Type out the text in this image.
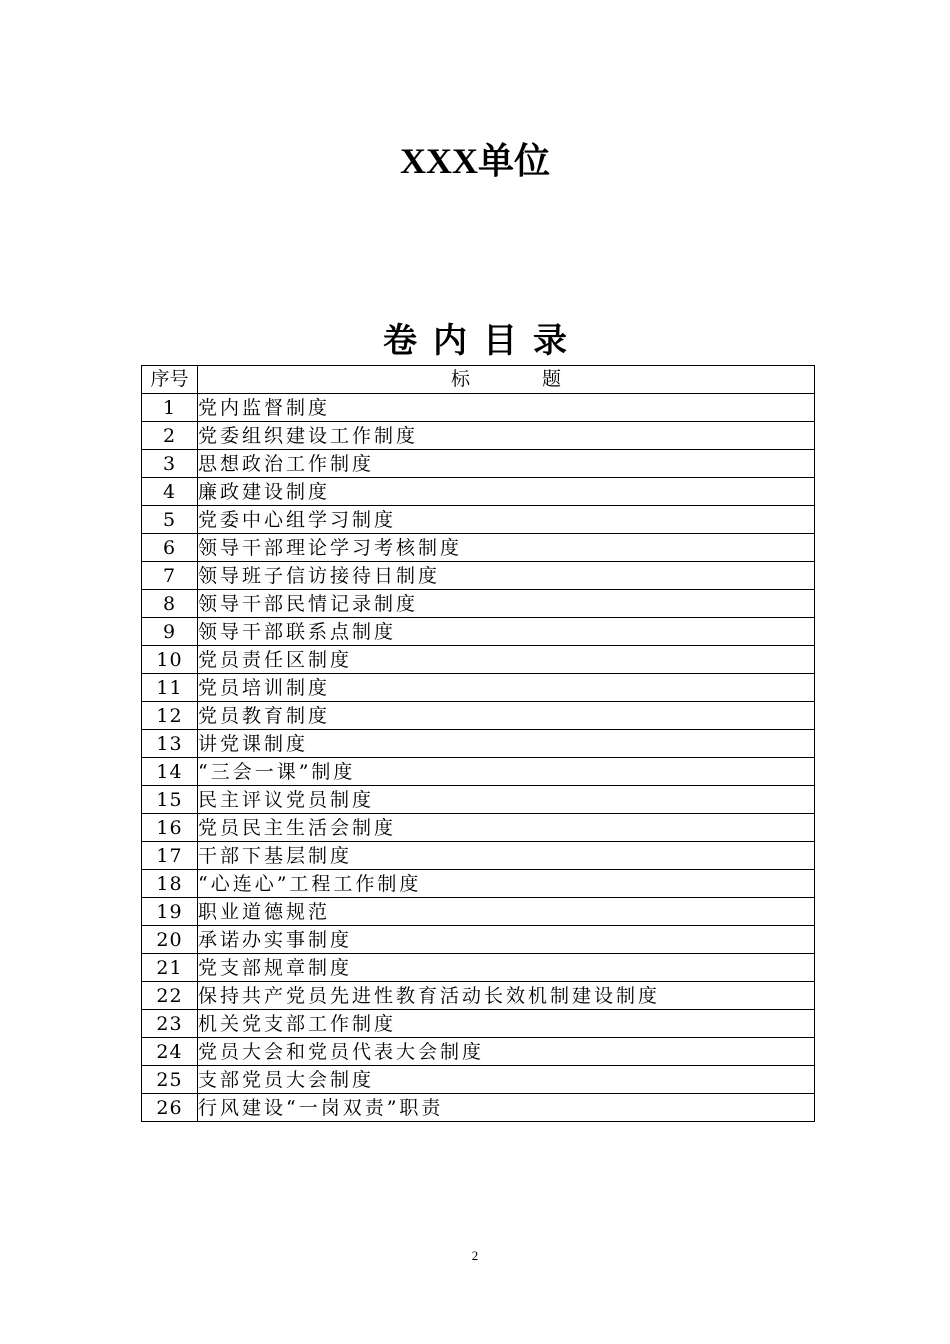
XXX单位
卷内目录
序号	标题
1	党内监督制度
2	党委组织建设工作制度
3	思想政治工作制度
4	廉政建设制度
5	党委中心组学习制度
6	领导干部理论学习考核制度
7	领导班子信访接待日制度
8	领导干部民情记录制度
9	领导干部联系点制度
10	党员责任区制度
11	党员培训制度
12	党员教育制度
13	讲党课制度
14	“三会一课”制度
15	民主评议党员制度
16	党员民主生活会制度
17	干部下基层制度
18	“心连心”工程工作制度
19	职业道德规范
20	承诺办实事制度
21	党支部规章制度
22	保持共产党员先进性教育活动长效机制建设制度
23	机关党支部工作制度
24	党员大会和党员代表大会制度
25	支部党员大会制度
26	行风建设“一岗双责”职责
2
